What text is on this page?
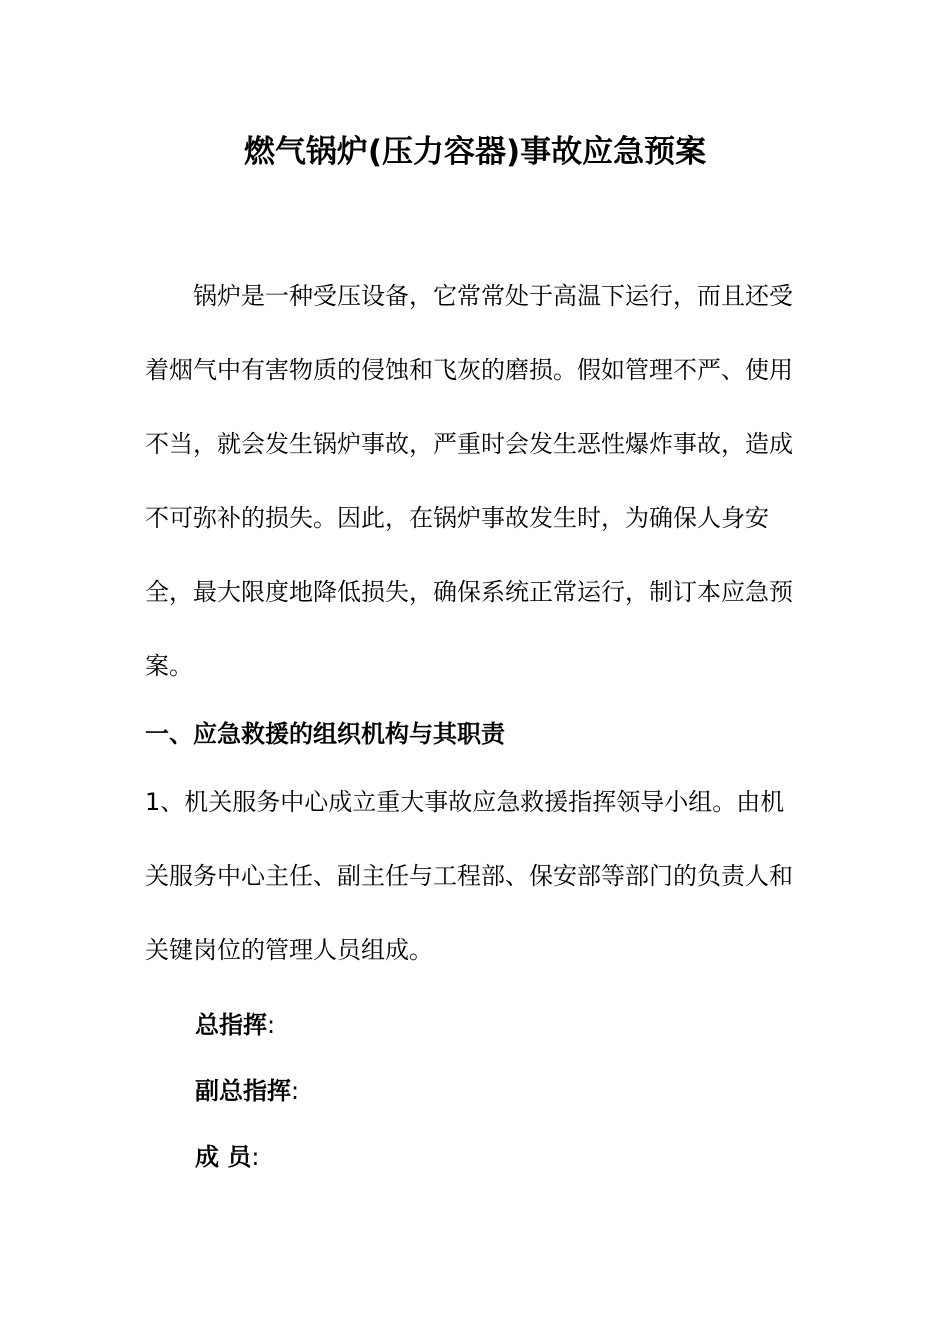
燃气锅炉(压力容器)事故应急预案

锅炉是一种受压设备，它常常处于高温下运行，而且还受着烟气中有害物质的侵蚀和飞灰的磨损。假如管理不严、使用不当，就会发生锅炉事故，严重时会发生恶性爆炸事故，造成不可弥补的损失。因此，在锅炉事故发生时，为确保人身安全，最大限度地降低损失，确保系统正常运行，制订本应急预案。

一、应急救援的组织机构与其职责

1、机关服务中心成立重大事故应急救援指挥领导小组。由机关服务中心主任、副主任与工程部、保安部等部门的负责人和关键岗位的管理人员组成。

总指挥:
副总指挥:
成 员:
